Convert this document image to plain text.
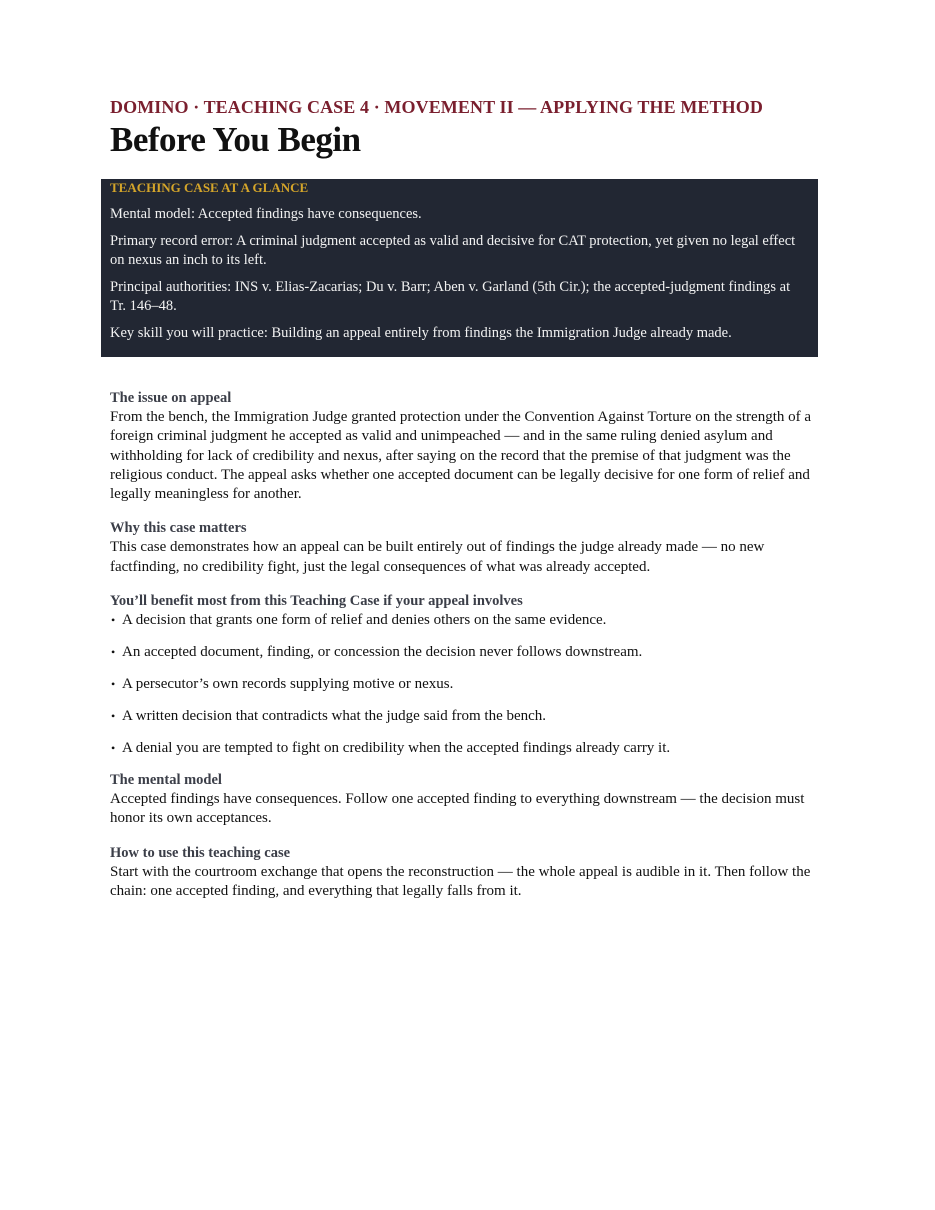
DOMINO · TEACHING CASE 4 · MOVEMENT II — APPLYING THE METHOD
Before You Begin
TEACHING CASE AT A GLANCE

Mental model: Accepted findings have consequences.

Primary record error: A criminal judgment accepted as valid and decisive for CAT protection, yet given no legal effect on nexus an inch to its left.

Principal authorities: INS v. Elias-Zacarias; Du v. Barr; Aben v. Garland (5th Cir.); the accepted-judgment findings at Tr. 146–48.

Key skill you will practice: Building an appeal entirely from findings the Immigration Judge already made.

The issue on appeal
From the bench, the Immigration Judge granted protection under the Convention Against Torture on the strength of a foreign criminal judgment he accepted as valid and unimpeached — and in the same ruling denied asylum and withholding for lack of credibility and nexus, after saying on the record that the premise of that judgment was the religious conduct. The appeal asks whether one accepted document can be legally decisive for one form of relief and legally meaningless for another.
Why this case matters
This case demonstrates how an appeal can be built entirely out of findings the judge already made — no new factfinding, no credibility fight, just the legal consequences of what was already accepted.
You’ll benefit most from this Teaching Case if your appeal involves
• A decision that grants one form of relief and denies others on the same evidence.
• An accepted document, finding, or concession the decision never follows downstream.
• A persecutor’s own records supplying motive or nexus.
• A written decision that contradicts what the judge said from the bench.
• A denial you are tempted to fight on credibility when the accepted findings already carry it.
The mental model
Accepted findings have consequences. Follow one accepted finding to everything downstream — the decision must honor its own acceptances.
How to use this teaching case
Start with the courtroom exchange that opens the reconstruction — the whole appeal is audible in it. Then follow the chain: one accepted finding, and everything that legally falls from it.
